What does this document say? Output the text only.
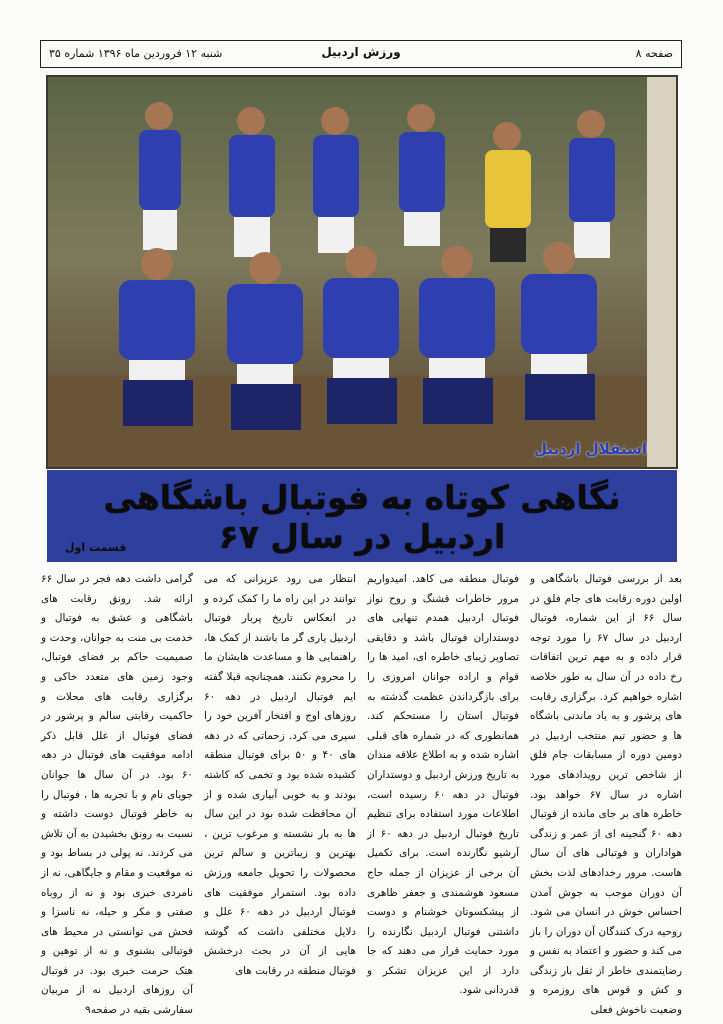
صفحه ۸
ورزش اردبیل
شنبه ۱۲ فروردین ماه ۱۳۹۶ شماره ۳۵
استقلال اردبیل
نگاهی کوتاه به فوتبال باشگاهی اردبیل در سال ۶۷
قسمت اول

بعد از بررسی فوتبال باشگاهی و اولین دوره رقابت های جام فلق در سال ۶۶ از این شماره، فوتبال اردبیل در سال ۶۷ را مورد توجه قرار داده و به مهم ترین اتفاقات رخ داده در آن سال به طور خلاصه اشاره خواهیم کرد. برگزاری رقابت های پرشور و به یاد ماندنی باشگاه ها و حضور تیم منتخب اردبیل در دومین دوره از مسابقات جام فلق از شاخص ترین رویدادهای مورد اشاره در سال ۶۷ خواهد بود. خاطره های بر جای مانده از فوتبال دهه ۶۰ گنجینه ای از عمر و زندگی هواداران و فوتبالی های آن سال هاست. مرور رخدادهای لذت بخش آن دوران موجب به جوش آمدن احساس خوش در انسان می شود. روحیه درک کنندگان آن دوران را باز می کند و حضور و اعتماد به نفس و رضایتمندی خاطر از ثقل بار زندگی و کش و قوس های روزمره و وضعیت ناخوش فعلی

فوتبال منطقه می کاهد. امیدواریم مرور خاطرات قشنگ و روح نواز فوتبال اردبیل همدم تنهایی های دوستداران فوتبال باشد و دقایقی تصاویر زیبای خاطره ای، امید ها را قوام و اراده جوانان امروزی را برای بازگرداندن عظمت گذشته به فوتبال استان را مستحکم کند. همانطوری که در شماره های قبلی اشاره شده و به اطلاع علاقه مندان به تاریخ ورزش اردبیل و دوستداران فوتبال در دهه ۶۰ رسیده است، اطلاعات مورد استفاده برای تنظیم تاریخ فوتبال اردبیل در دهه ۶۰ از آرشیو نگارنده است. برای تکمیل آن برخی از عزیزان از جمله حاج مسعود هوشمندی و جعفر ظاهری از پیشکسوتان خوشنام و دوست داشتنی فوتبال اردبیل نگارنده را مورد حمایت قرار می دهند که جا دارد از این عزیزان تشکر و قدردانی شود.

انتظار می رود عزیزانی که می توانند در این راه ما را کمک کرده و در انعکاس تاریخ پربار فوتبال اردبیل یاری گر ما باشند از کمک ها، راهنمایی ها و مساعدت هایشان ما را محروم نکنند. همچنانچه قبلا گفته ایم فوتبال اردبیل در دهه ۶۰ روزهای اوج و افتخار آفرین خود را سپری می کرد. زحماتی که در دهه های ۴۰ و ۵۰ برای فوتبال منطقه کشیده شده بود و تخمی که کاشته بودند و به خوبی آبیاری شده و از آن محافظت شده بود در این سال ها به بار نشسته و مرغوب ترین ، بهترین و زیباترین و سالم ترین محصولات را تحویل جامعه ورزش داده بود. استمرار موفقیت های فوتبال اردبیل در دهه ۶۰ علل و دلایل مختلفی داشت که گوشه هایی از آن در بحث درخشش فوتبال منطقه در رقابت های

گرامی داشت دهه فجر در سال ۶۶ ارائه شد. رونق رقابت های باشگاهی و عشق به فوتبال و خدمت بی منت به جوانان، وحدت و صمیمیت حاکم بر فضای فوتبال، وجود زمین های متعدد خاکی و برگزاری رقابت های محلات و حاکمیت رقابتی سالم و پرشور در فضای فوتبال از علل قابل ذکر ادامه موفقیت های فوتبال در دهه ۶۰ بود. در آن سال ها جوانان جویای نام و با تجربه ها ، فوتبال را به خاطر فوتبال دوست داشته و نسبت به رونق بخشیدن به آن تلاش می کردند. نه پولی در بساط بود و نه موقعیت و مقام و جایگاهی، نه از نامردی خبری بود و نه از روباه صفتی و مکر و حیله، نه ناسزا و فحش می توانستی در محیط های فوتبالی بشنوی و نه از توهین و هتک حرمت خبری بود. در فوتبال آن روزهای اردبیل نه از مربیان سفارشی بقیه در صفحه۹
